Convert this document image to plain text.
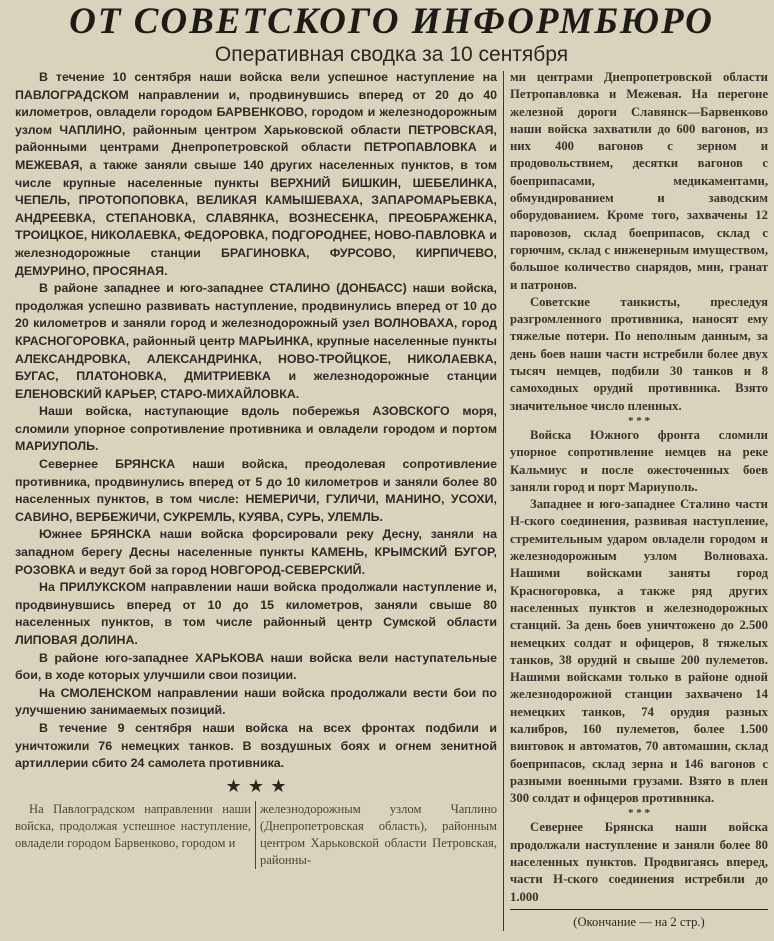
ОТ СОВЕТСКОГО ИНФОРМБЮРО
Оперативная сводка за 10 сентября

В течение 10 сентября наши войска вели успешное наступление на ПАВЛОГРАДСКОМ направлении и, продвинувшись вперед от 20 до 40 километров, овладели городом БАРВЕНКОВО, городом и железнодорожным узлом ЧАПЛИНО, районным центром Харьковской области ПЕТРОВСКАЯ, районными центрами Днепропетровской области ПЕТРОПАВЛОВКА и МЕЖЕВАЯ, а также заняли свыше 140 других населенных пунктов, в том числе крупные населенные пункты ВЕРХНИЙ БИШКИН, ШЕБЕЛИНКА, ЧЕПЕЛЬ, ПРОТОПОПОВКА, ВЕЛИКАЯ КАМЫШЕВАХА, ЗАПАРОМАРЬЕВКА, АНДРЕЕВКА, СТЕПАНОВКА, СЛАВЯНКА, ВОЗНЕСЕНКА, ПРЕОБРАЖЕНКА, ТРОИЦКОЕ, НИКОЛАЕВКА, ФЕДОРОВКА, ПОДГОРОДНЕЕ, НОВО-ПАВЛОВКА и железнодорожные станции БРАГИНОВКА, ФУРСОВО, КИРПИЧЕВО, ДЕМУРИНО, ПРОСЯНАЯ.

В районе западнее и юго-западнее СТАЛИНО (ДОНБАСС) наши войска, продолжая успешно развивать наступление, продвинулись вперед от 10 до 20 километров и заняли город и железнодорожный узел ВОЛНОВАХА, город КРАСНОГОРОВКА, районный центр МАРЬИНКА, крупные населенные пункты АЛЕКСАНДРОВКА, АЛЕКСАНДРИНКА, НОВО-ТРОЙЦКОЕ, НИКОЛАЕВКА, БУГАС, ПЛАТОНОВКА, ДМИТРИЕВКА и железнодорожные станции ЕЛЕНОВСКИЙ КАРЬЕР, СТАРО-МИХАЙЛОВКА.

Наши войска, наступающие вдоль побережья АЗОВСКОГО моря, сломили упорное сопротивление противника и овладели городом и портом МАРИУПОЛЬ.

Севернее БРЯНСКА наши войска, преодолевая сопротивление противника, продвинулись вперед от 5 до 10 километров и заняли более 80 населенных пунктов, в том числе: НЕМЕРИЧИ, ГУЛИЧИ, МАНИНО, УСОХИ, САВИНО, ВЕРБЕЖИЧИ, СУКРЕМЛЬ, КУЯВА, СУРЬ, УЛЕМЛЬ.

Южнее БРЯНСКА наши войска форсировали реку Десну, заняли на западном берегу Десны населенные пункты КАМЕНЬ, КРЫМСКИЙ БУГОР, РОЗОВКА и ведут бой за город НОВГОРОД-СЕВЕРСКИЙ.

На ПРИЛУКСКОМ направлении наши войска продолжали наступление и, продвинувшись вперед от 10 до 15 километров, заняли свыше 80 населенных пунктов, в том числе районный центр Сумской области ЛИПОВАЯ ДОЛИНА.

В районе юго-западнее ХАРЬКОВА наши войска вели наступательные бои, в ходе которых улучшили свои позиции.

На СМОЛЕНСКОМ направлении наши войска продолжали вести бои по улучшению занимаемых позиций.

В течение 9 сентября наши войска на всех фронтах подбили и уничтожили 76 немецких танков. В воздушных боях и огнем зенитной артиллерии сбито 24 самолета противника.

★ ★ ★
На Павлоградском направлении наши войска, продолжая успешное наступление, овладели городом Барвенково, городом и
железнодорожным узлом Чаплино (Днепропетровская область), районным центром Харьковской области Петровская, районны-

ми центрами Днепропетровской области Петропавловка и Межевая. На перегоне железной дороги Славянск—Барвенково наши войска захватили до 600 вагонов, из них 400 вагонов с зерном и продовольствием, десятки вагонов с боеприпасами, медикаментами, обмундированием и заводским оборудованием. Кроме того, захвачены 12 паровозов, склад боеприпасов, склад с горючим, склад с инженерным имуществом, большое количество снарядов, мин, гранат и патронов.

Советские танкисты, преследуя разгромленного противника, наносят ему тяжелые потери. По неполным данным, за день боев наши части истребили более двух тысяч немцев, подбили 30 танков и 8 самоходных орудий противника. Взято значительное число пленных.

* * *

Войска Южного фронта сломили упорное сопротивление немцев на реке Кальмиус и после ожесточенных боев заняли город и порт Мариуполь.

Западнее и юго-западнее Сталино части Н-ского соединения, развивая наступление, стремительным ударом овладели городом и железнодорожным узлом Волноваха. Нашими войсками заняты город Красногоровка, а также ряд других населенных пунктов и железнодорожных станций. За день боев уничтожено до 2.500 немецких солдат и офицеров, 8 тяжелых танков, 38 орудий и свыше 200 пулеметов. Нашими войсками только в районе одной железнодорожной станции захвачено 14 немецких танков, 74 орудия разных калибров, 160 пулеметов, более 1.500 винтовок и автоматов, 70 автомашин, склад боеприпасов, склад зерна и 146 вагонов с разными военными грузами. Взято в плен 300 солдат и офицеров противника.

* * *

Севернее Брянска наши войска продолжали наступление и заняли более 80 населенных пунктов. Продвигаясь вперед, части Н-ского соединения истребили до 1.000

(Окончание — на 2 стр.)
